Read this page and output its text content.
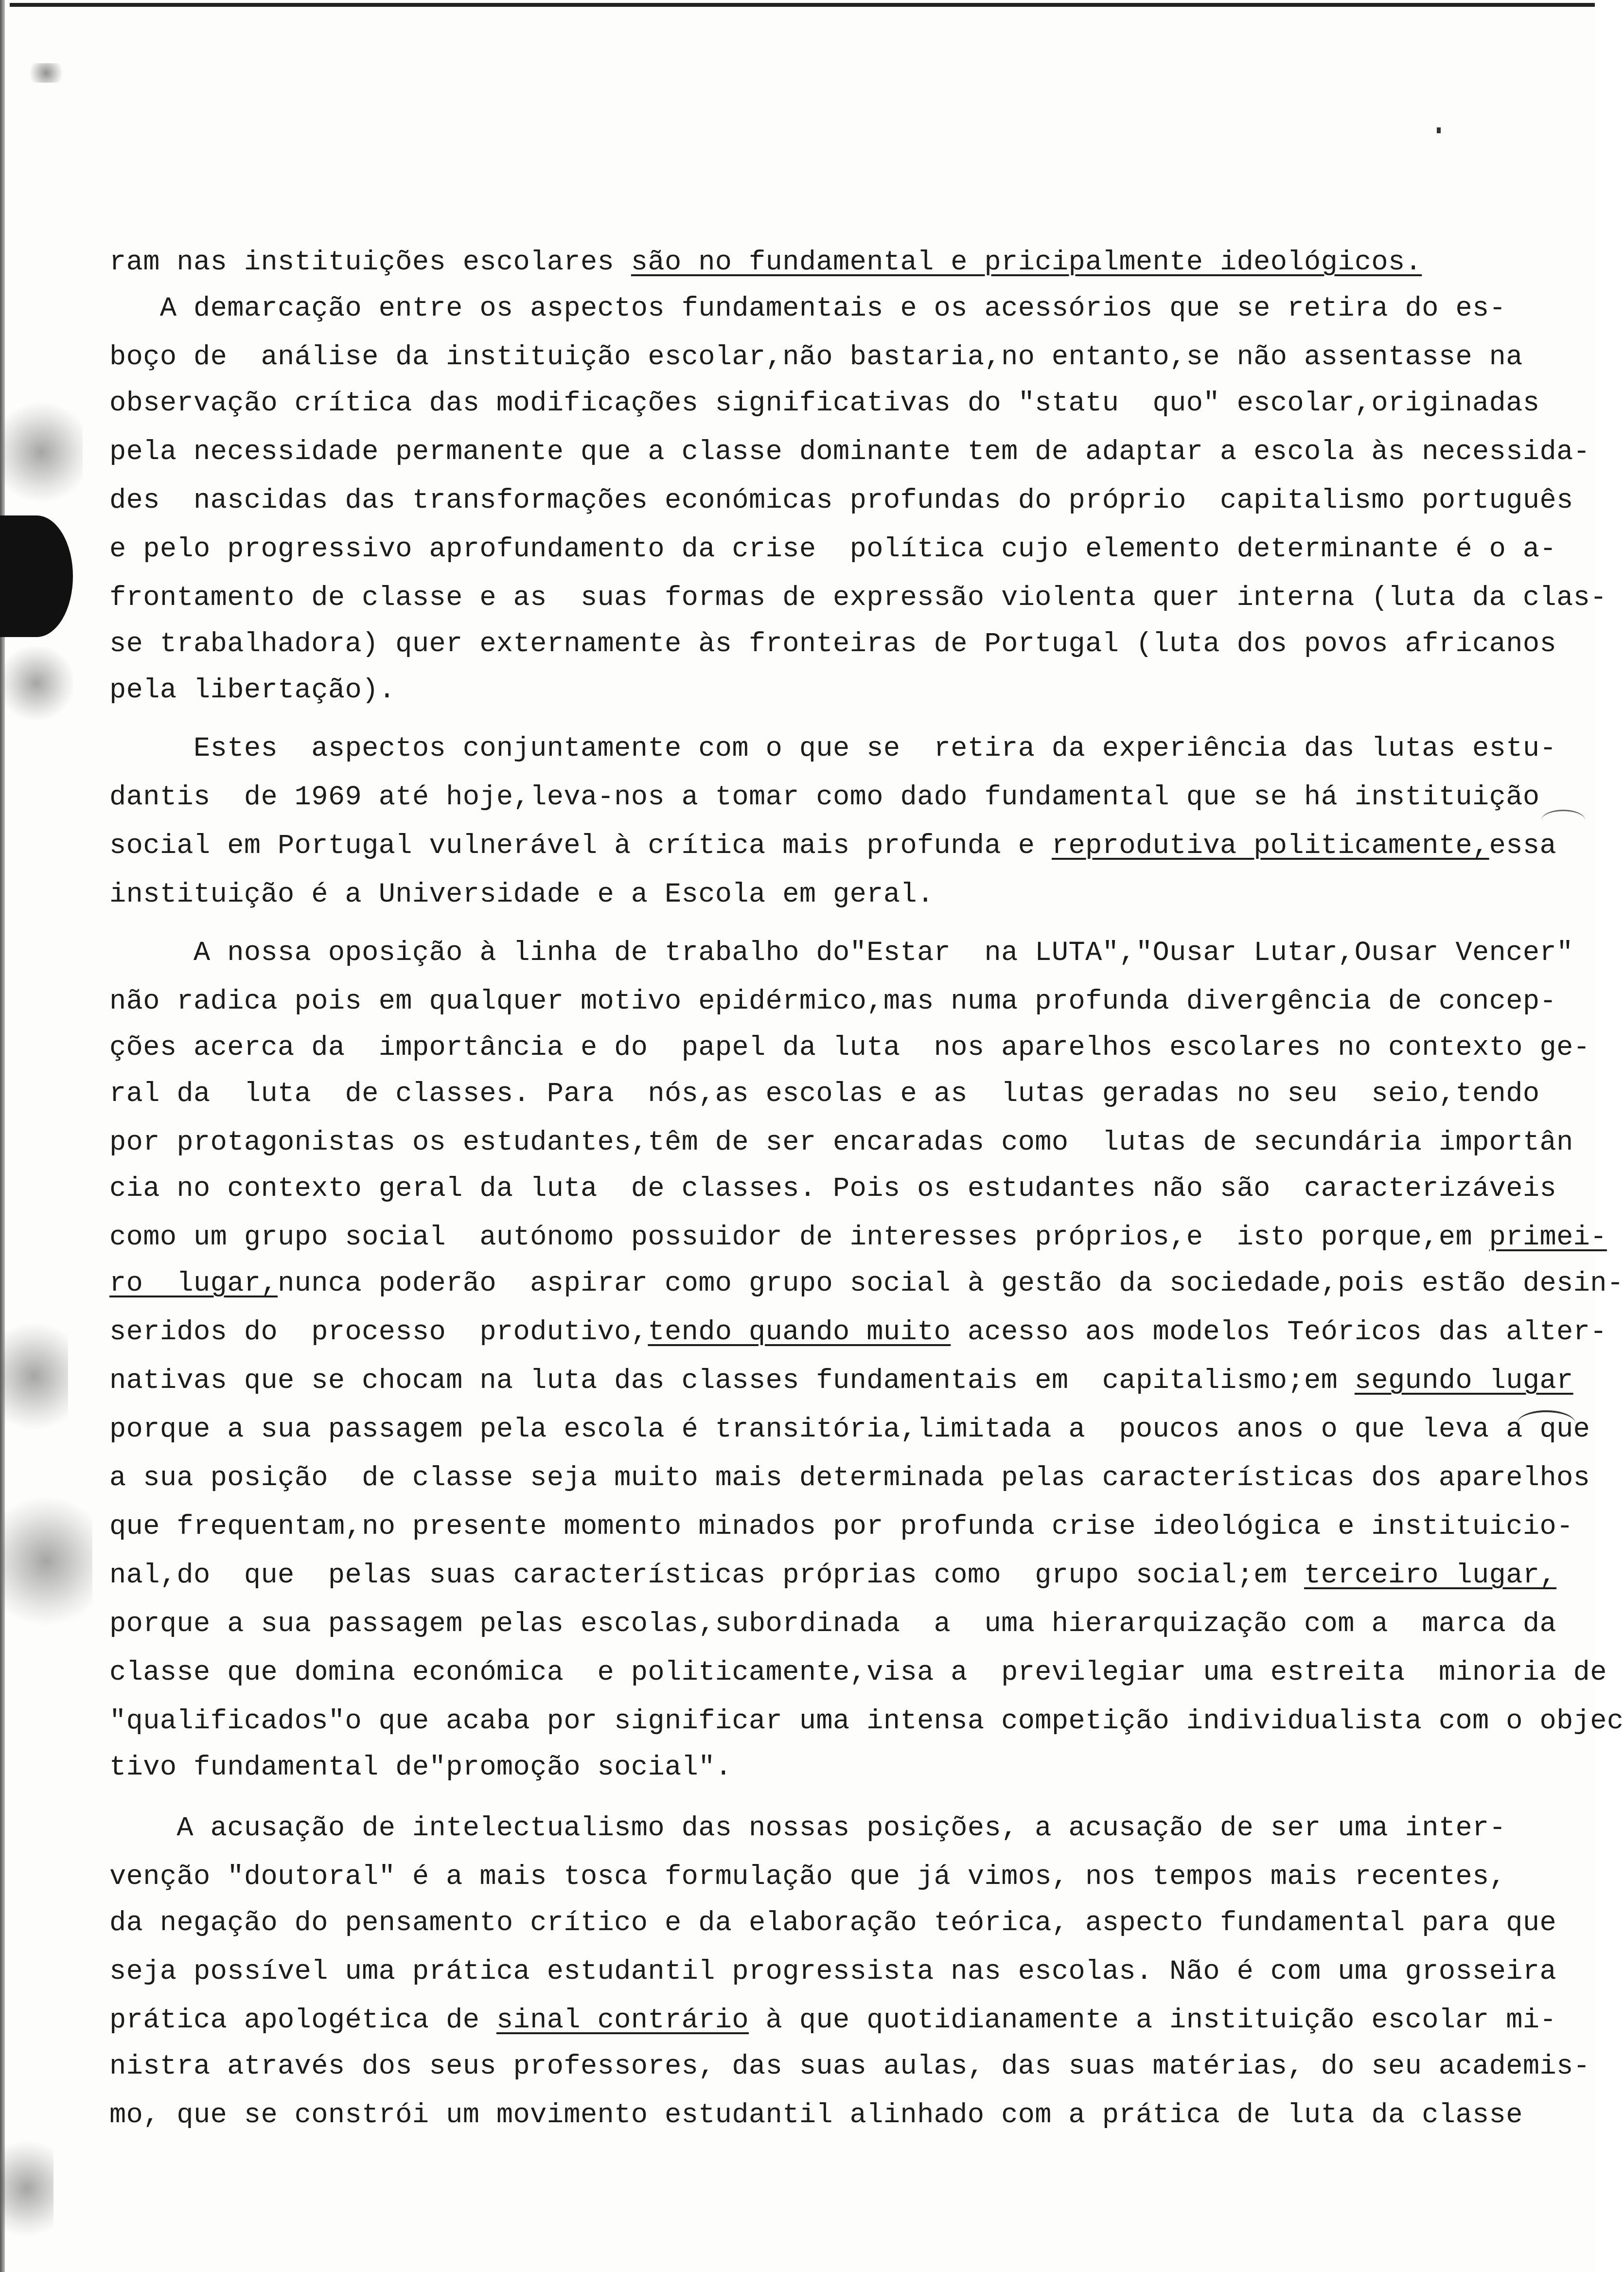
ram nas instituições escolares são no fundamental e pricipalmente ideológicos.
A demarcação entre os aspectos fundamentais e os acessórios que se retira do es-
boço de  análise da instituição escolar,não bastaria,no entanto,se não assentasse na
observação crítica das modificações significativas do "statu  quo" escolar,originadas
pela necessidade permanente que a classe dominante tem de adaptar a escola às necessida-
des  nascidas das transformações económicas profundas do próprio  capitalismo português
e pelo progressivo aprofundamento da crise  política cujo elemento determinante é o a-
frontamento de classe e as  suas formas de expressão violenta quer interna (luta da clas-
se trabalhadora) quer externamente às fronteiras de Portugal (luta dos povos africanos
pela libertação).
Estes  aspectos conjuntamente com o que se  retira da experiência das lutas estu-
dantis  de 1969 até hoje,leva-nos a tomar como dado fundamental que se há instituição
social em Portugal vulnerável à crítica mais profunda e reprodutiva politicamente,essa
instituição é a Universidade e a Escola em geral.
A nossa oposição à linha de trabalho do"Estar  na LUTA","Ousar Lutar,Ousar Vencer"
não radica pois em qualquer motivo epidérmico,mas numa profunda divergência de concep-
ções acerca da  importância e do  papel da luta  nos aparelhos escolares no contexto ge-
ral da  luta  de classes. Para  nós,as escolas e as  lutas geradas no seu  seio,tendo
por protagonistas os estudantes,têm de ser encaradas como  lutas de secundária importân
cia no contexto geral da luta  de classes. Pois os estudantes não são  caracterizáveis
como um grupo social  autónomo possuidor de interesses próprios,e  isto porque,em primei-
ro  lugar,nunca poderão  aspirar como grupo social à gestão da sociedade,pois estão desin-
seridos do  processo  produtivo,tendo quando muito acesso aos modelos Teóricos das alter-
nativas que se chocam na luta das classes fundamentais em  capitalismo;em segundo lugar
porque a sua passagem pela escola é transitória,limitada a  poucos anos o que leva a que
a sua posição  de classe seja muito mais determinada pelas características dos aparelhos
que frequentam,no presente momento minados por profunda crise ideológica e instituicio-
nal,do  que  pelas suas características próprias como  grupo social;em terceiro lugar,
porque a sua passagem pelas escolas,subordinada  a  uma hierarquização com a  marca da
classe que domina económica  e politicamente,visa a  previlegiar uma estreita  minoria de
"qualificados"o que acaba por significar uma intensa competição individualista com o objec
tivo fundamental de"promoção social".
A acusação de intelectualismo das nossas posições, a acusação de ser uma inter-
venção "doutoral" é a mais tosca formulação que já vimos, nos tempos mais recentes,
da negação do pensamento crítico e da elaboração teórica, aspecto fundamental para que
seja possível uma prática estudantil progressista nas escolas. Não é com uma grosseira
prática apologética de sinal contrário à que quotidianamente a instituição escolar mi-
nistra através dos seus professores, das suas aulas, das suas matérias, do seu academis-
mo, que se constrói um movimento estudantil alinhado com a prática de luta da classe
